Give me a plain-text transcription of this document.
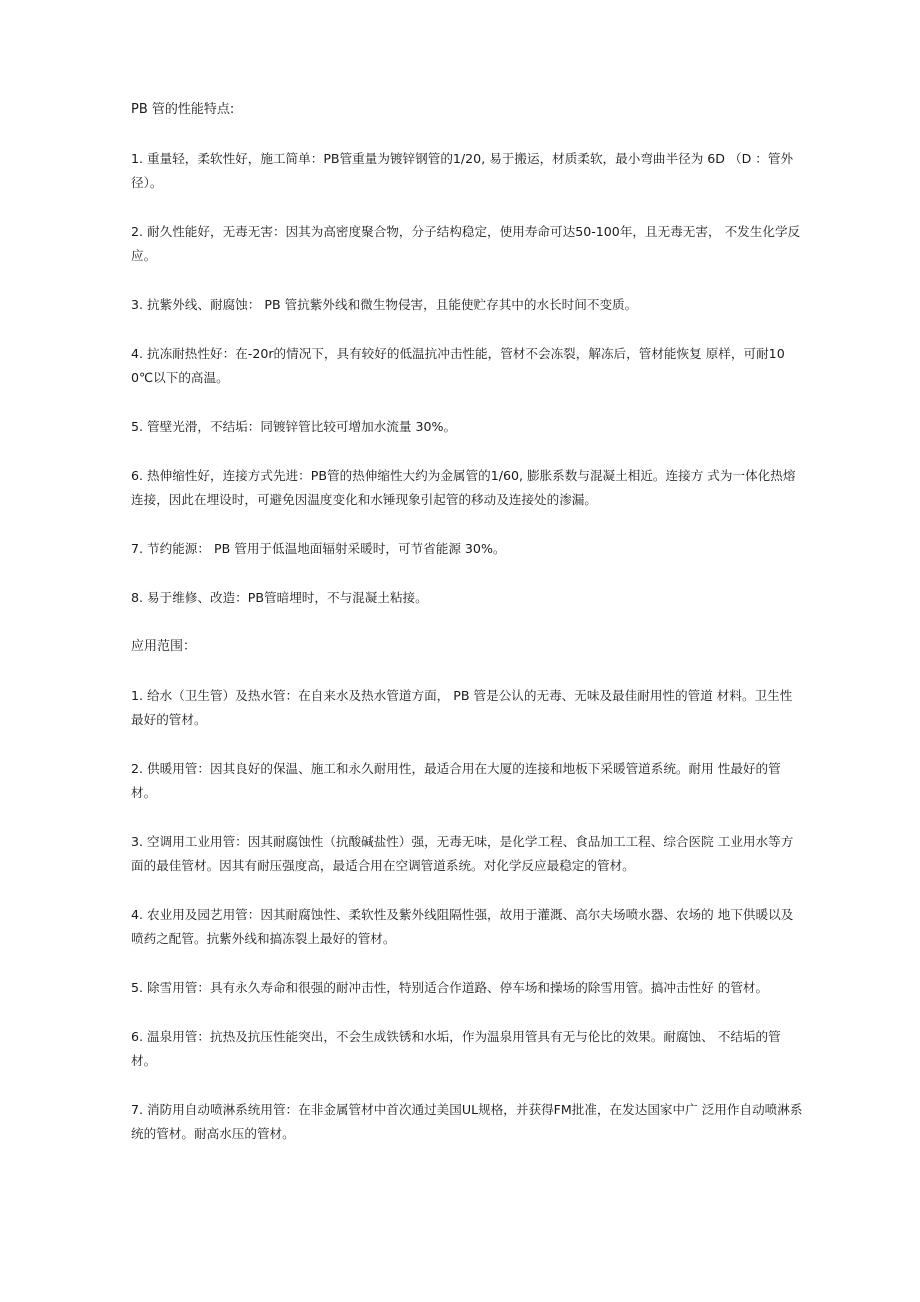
PB 管的性能特点:

1. 重量轻，柔软性好，施工简单：PB管重量为镀锌钢管的1/20, 易于搬运，材质柔软，最小弯曲半径为 6D （D ：管外径）。

2. 耐久性能好，无毒无害：因其为高密度聚合物，分子结构稳定，使用寿命可达50-100年，且无毒无害， 不发生化学反应。

3. 抗紫外线、耐腐蚀： PB 管抗紫外线和微生物侵害，且能使贮存其中的水长时间不变质。

4. 抗冻耐热性好：在-20r的情况下，具有较好的低温抗冲击性能，管材不会冻裂，解冻后，管材能恢复 原样，可耐100℃以下的高温。

5. 管壁光滑，不结垢：同镀锌管比较可增加水流量 30%。

6. 热伸缩性好，连接方式先进：PB管的热伸缩性大约为金属管的1/60, 膨胀系数与混凝土相近。连接方 式为一体化热熔连接，因此在埋设时，可避免因温度变化和水锤现象引起管的移动及连接处的渗漏。

7. 节约能源： PB 管用于低温地面辐射采暖时，可节省能源 30%。

8. 易于维修、改造：PB管暗埋时，不与混凝土粘接。

应用范围：

1. 给水（卫生管）及热水管：在自来水及热水管道方面， PB 管是公认的无毒、无味及最佳耐用性的管道 材料。卫生性最好的管材。

2. 供暖用管：因其良好的保温、施工和永久耐用性，最适合用在大厦的连接和地板下采暖管道系统。耐用 性最好的管材。

3. 空调用工业用管：因其耐腐蚀性（抗酸碱盐性）强，无毒无味，是化学工程、食品加工工程、综合医院 工业用水等方面的最佳管材。因其有耐压强度高，最适合用在空调管道系统。对化学反应最稳定的管材。

4. 农业用及园艺用管：因其耐腐蚀性、柔软性及紫外线阻隔性强，故用于灌溉、高尔夫场喷水器、农场的 地下供暖以及喷药之配管。抗紫外线和搞冻裂上最好的管材。

5. 除雪用管：具有永久寿命和很强的耐冲击性，特别适合作道路、停车场和操场的除雪用管。搞冲击性好 的管材。

6. 温泉用管：抗热及抗压性能突出，不会生成铁锈和水垢，作为温泉用管具有无与伦比的效果。耐腐蚀、 不结垢的管材。

7. 消防用自动喷淋系统用管：在非金属管材中首次通过美国UL规格，并获得FM批准，在发达国家中广 泛用作自动喷淋系统的管材。耐高水压的管材。
